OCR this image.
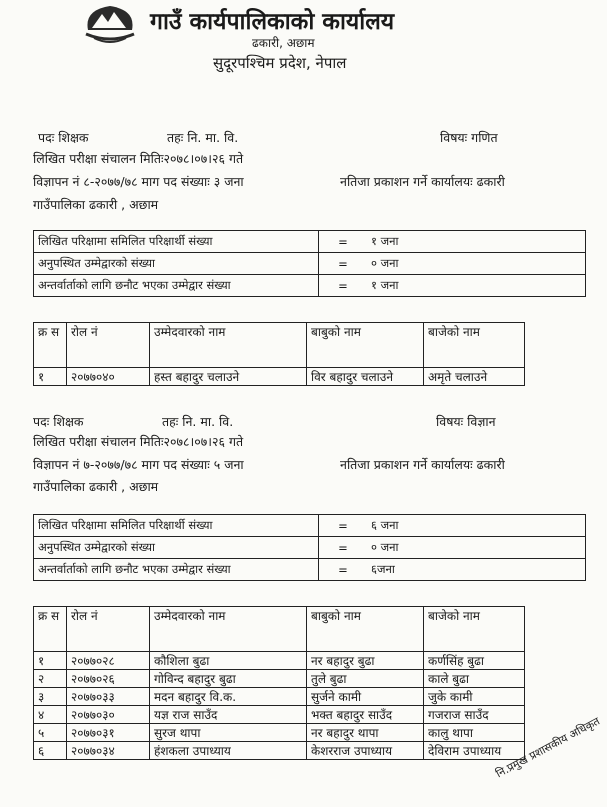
गाउँ कार्यपालिकाको कार्यालय
ढकारी, अछाम
सुदूरपश्चिम प्रदेश, नेपाल
पदः शिक्षक	तहः नि. मा. वि.	विषयः गणित
लिखित परीक्षा संचालन मितिः२०७८।०७।२६ गते
विज्ञापन नं ८-२०७७/७८ माग पद संख्याः ३ जना	नतिजा प्रकाशन गर्ने कार्यालयः ढकारी
गाउँपालिका ढकारी , अछाम
लिखित परिक्षामा समिलित परिक्षार्थी संख्या	=	१ जना
अनुपस्थित उम्मेद्वारको संख्या	=	० जना
अन्तर्वार्ताको लागि छनौट भएका उम्मेद्वार संख्या	=	१ जना
क्र स	रोल नं	उम्मेदवारको नाम	बाबुको नाम	बाजेको नाम
१	२०७७०४०	हस्त बहादुर चलाउने	विर बहादुर चलाउने	अमृते चलाउने
पदः शिक्षक	तहः नि. मा. वि.	विषयः विज्ञान
लिखित परीक्षा संचालन मितिः२०७८।०७।२६ गते
विज्ञापन नं ७-२०७७/७८ माग पद संख्याः ५ जना	नतिजा प्रकाशन गर्ने कार्यालयः ढकारी
गाउँपालिका ढकारी , अछाम
लिखित परिक्षामा समिलित परिक्षार्थी संख्या	=	६ जना
अनुपस्थित उम्मेद्वारको संख्या	=	० जना
अन्तर्वार्ताको लागि छनौट भएका उम्मेद्वार संख्या	=	६जना
क्र स	रोल नं	उम्मेदवारको नाम	बाबुको नाम	बाजेको नाम
१	२०७७०२८	कौशिला बुढा	नर बहादुर बुढा	कर्णसिंह बुढा
२	२०७७०२६	गोविन्द बहादुर बुढा	तुले बुढा	काले बुढा
३	२०७७०३३	मदन बहादुर वि.क.	सुर्जने कामी	जुके कामी
४	२०७७०३०	यज्ञ राज साउँद	भक्त बहादुर साउँद	गजराज साउँद
५	२०७७०३१	सुरज थापा	नर बहादुर थापा	कालु थापा
६	२०७७०३४	हंशकला उपाध्याय	केशरराज उपाध्याय	देविराम उपाध्याय
नि.प्रमुख प्रशासकीय अधिकृत
